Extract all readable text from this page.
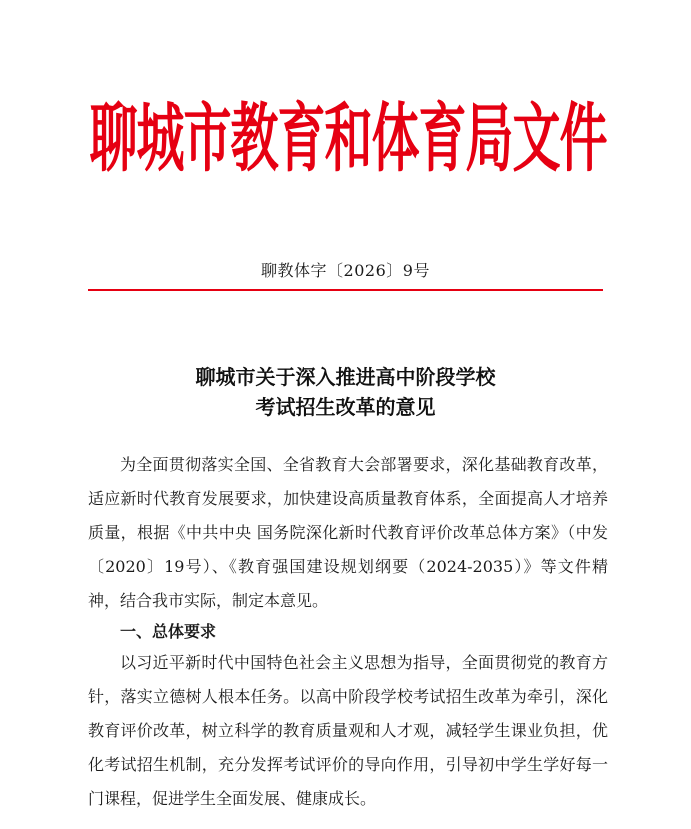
聊城市教育和体育局文件
聊教体字〔2026〕9号
聊城市关于深入推进高中阶段学校
考试招生改革的意见

为全面贯彻落实全国、全省教育大会部署要求，深化基础教育改革，适应新时代教育发展要求，加快建设高质量教育体系，全面提高人才培养质量，根据《中共中央 国务院深化新时代教育评价改革总体方案》（中发〔2020〕19号）、《教育强国建设规划纲要（2024-2035）》等文件精神，结合我市实际，制定本意见。

一、总体要求

以习近平新时代中国特色社会主义思想为指导，全面贯彻党的教育方针，落实立德树人根本任务。以高中阶段学校考试招生改革为牵引，深化教育评价改革，树立科学的教育质量观和人才观，减轻学生课业负担，优化考试招生机制，充分发挥考试评价的导向作用，引导初中学生学好每一门课程，促进学生全面发展、健康成长。
